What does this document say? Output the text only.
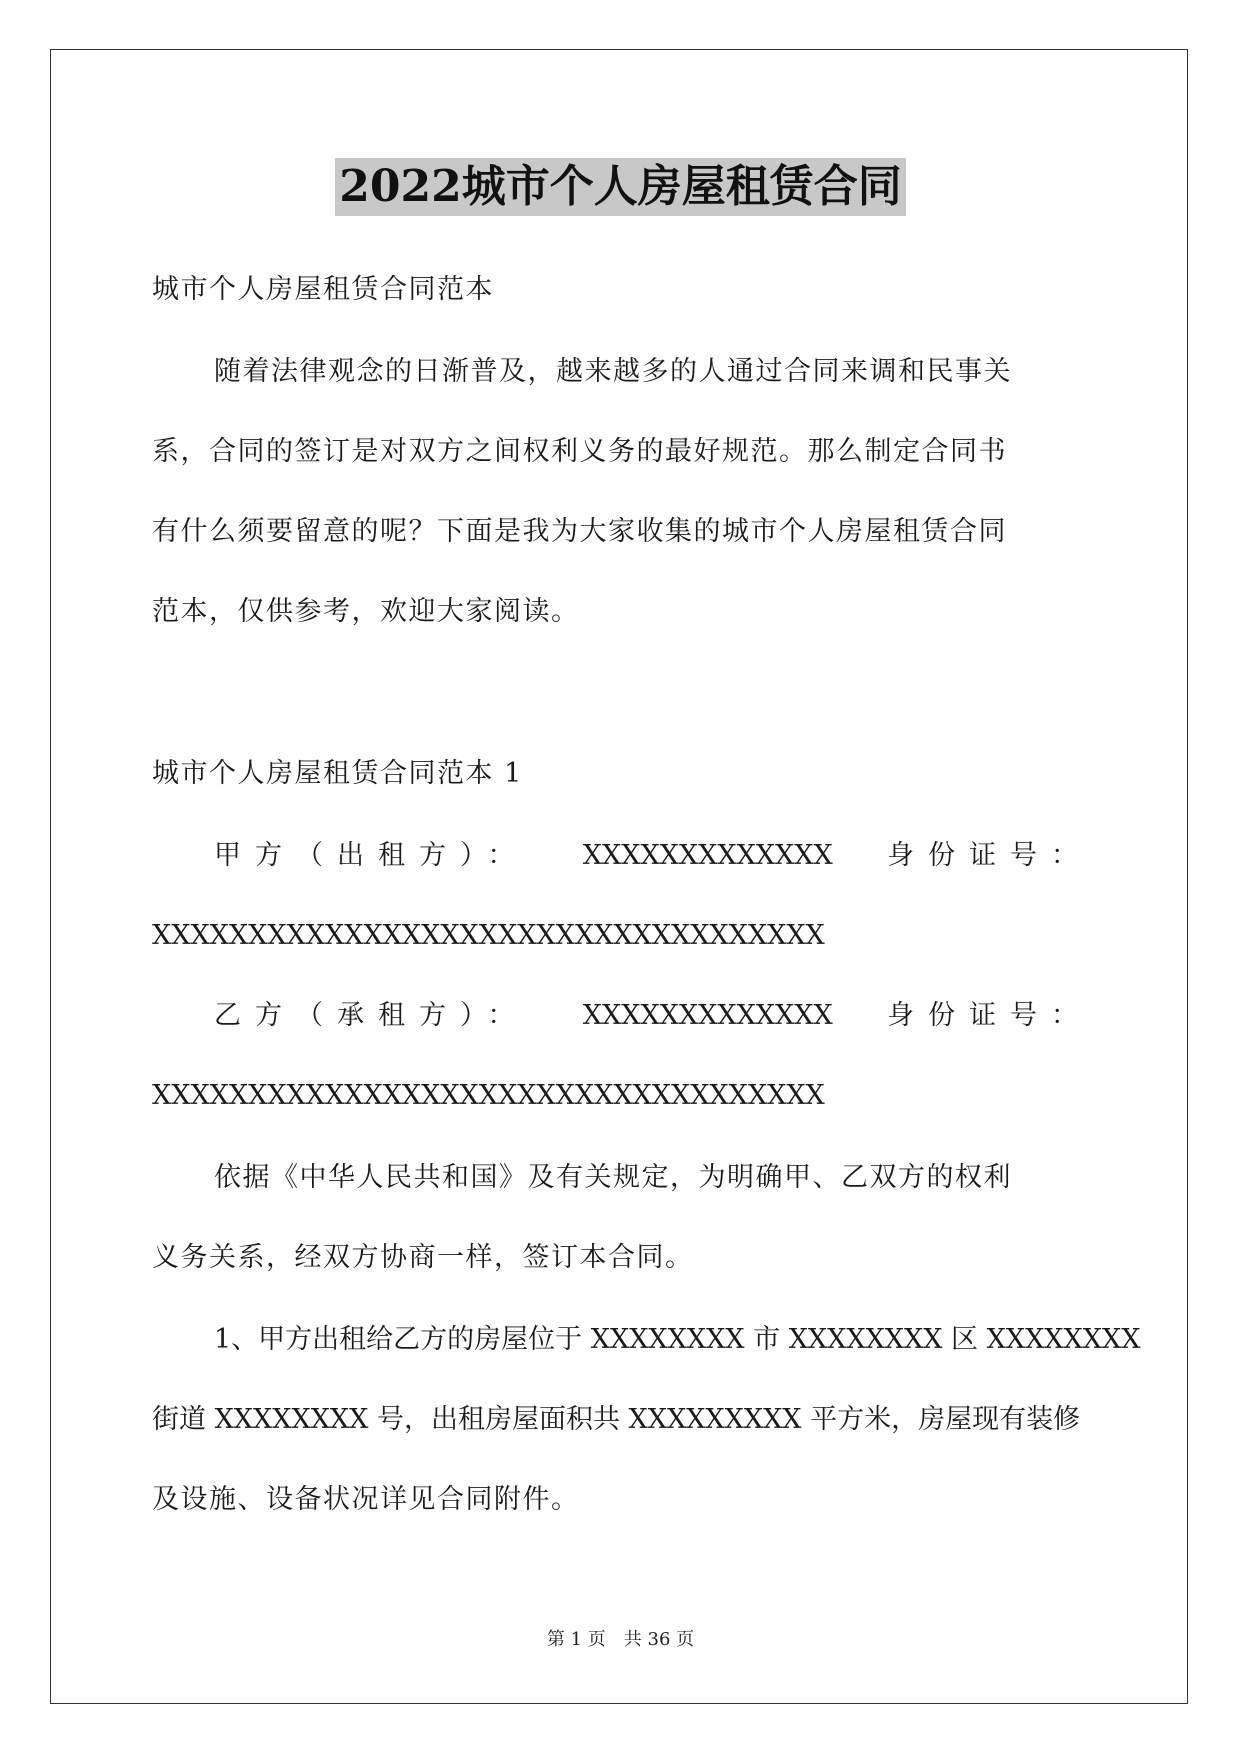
2022城市个人房屋租赁合同
城市个人房屋租赁合同范本
随着法律观念的日渐普及，越来越多的人通过合同来调和民事关
系，合同的签订是对双方之间权利义务的最好规范。那么制定合同书
有什么须要留意的呢？下面是我为大家收集的城市个人房屋租赁合同
范本，仅供参考，欢迎大家阅读。
城市个人房屋租赁合同范本 1
甲方（出租方）： XXXXXXXXXXXXX 身份证号：
XXXXXXXXXXXXXXXXXXXXXXXXXXXXXXXXXXX
乙方（承租方）： XXXXXXXXXXXXX 身份证号：
XXXXXXXXXXXXXXXXXXXXXXXXXXXXXXXXXXX
依据《中华人民共和国》及有关规定，为明确甲、乙双方的权利
义务关系，经双方协商一样，签订本合同。
1、甲方出租给乙方的房屋位于 XXXXXXXX 市 XXXXXXXX 区 XXXXXXXX
街道 XXXXXXXX 号，出租房屋面积共 XXXXXXXXX 平方米，房屋现有装修
及设施、设备状况详见合同附件。
第 1 页　共 36 页
